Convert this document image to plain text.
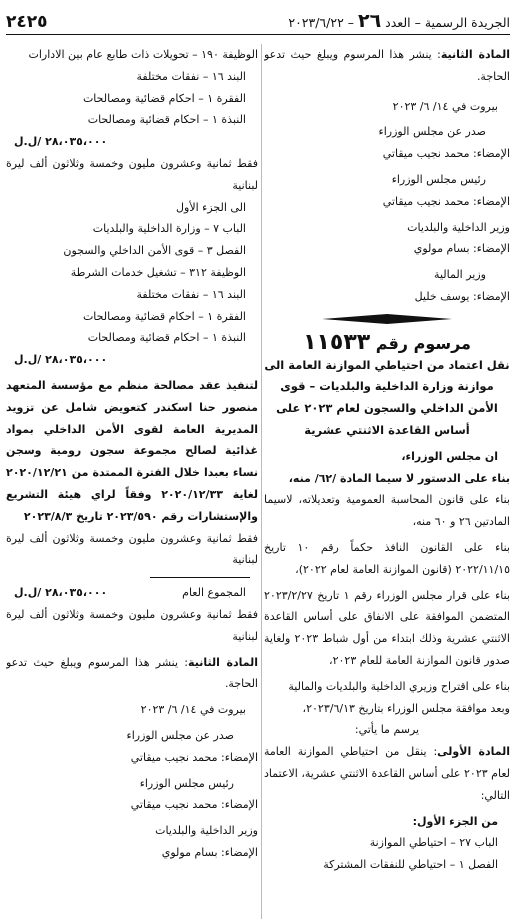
الجريدة الرسمية – العدد ٢٦ – ٢٠٢٣/٦/٢٢
٢٤٢٥

المادة الثانية: ينشر هذا المرسوم ويبلغ حيث تدعو الحاجة.

بيروت في ١٤/ ٦/ ٢٠٢٣

صدر عن مجلس الوزراء

الإمضاء: محمد نجيب ميقاتي

رئيس مجلس الوزراء

الإمضاء: محمد نجيب ميقاتي

وزير الداخلية والبلديات

الإمضاء: بسام مولوي

وزير المالية

الإمضاء: يوسف خليل

مرسوم رقم ١١٥٣٣

نقل اعتماد من احتياطي الموازنة العامة الى موازنة وزارة الداخلية والبلديات – قوى الأمن الداخلي والسجون لعام ٢٠٢٣ على أساس القاعدة الاثنتي عشرية

ان مجلس الوزراء،

بناء على الدستور لا سيما المادة /٦٢/ منه،

بناء على قانون المحاسبة العمومية وتعديلاته، لاسيما المادتين ٢٦ و ٦٠ منه،

بناء على القانون النافذ حكماً رقم ١٠ تاريخ ٢٠٢٢/١١/١٥ (قانون الموازنة العامة لعام ٢٠٢٢)،

بناء على قرار مجلس الوزراء رقم ١ تاريخ ٢٠٢٣/٢/٢٧ المتضمن الموافقة على الانفاق على أساس القاعدة الاثنتي عشرية وذلك ابتداء من أول شباط ٢٠٢٣ ولغاية صدور قانون الموازنة العامة للعام ٢٠٢٣،

بناء على اقتراح وزيري الداخلية والبلديات والمالية

وبعد موافقة مجلس الوزراء بتاريخ ٢٠٢٣/٦/١٣،

يرسم ما يأتي:

المادة الأولى: ينقل من احتياطي الموازنة العامة لعام ٢٠٢٣ على أساس القاعدة الاثنتي عشرية، الاعتماد التالي:

من الجزء الأول:

الباب ٢٧ – احتياطي الموازنة

الفصل ١ – احتياطي للنفقات المشتركة

الوظيفة ١٩٠ – تحويلات ذات طابع عام بين الادارات

البند ١٦ – نفقات مختلفة

الفقرة ١ – احكام قضائية ومصالحات

النبذة ١ – احكام قضائية ومصالحات

٢٨،٠٣٥،٠٠٠ /ل.ل

فقط ثمانية وعشرون مليون وخمسة وثلاثون ألف ليرة لبنانية

الى الجزء الأول

الباب ٧ – وزارة الداخلية والبلديات

الفصل ٣ – قوى الأمن الداخلي والسجون

الوظيفة ٣١٢ – تشغيل خدمات الشرطة

البند ١٦ – نفقات مختلفة

الفقرة ١ – احكام قضائية ومصالحات

النبذة ١ – احكام قضائية ومصالحات

٢٨،٠٣٥،٠٠٠ /ل.ل

لتنفيذ عقد مصالحة منظم مع مؤسسة المتعهد منصور حنا اسكندر كتعويض شامل عن تزويد المديرية العامة لقوى الأمن الداخلي بمواد غذائية لصالح مجموعة سجون رومية وسجن نساء بعبدا خلال الفترة الممتدة من ٢٠٢٠/١٢/٢١ لغاية ٢٠٢٠/١٢/٣٣ وفقاً لراي هيئة التشريع والإستشارات رقم ٢٠٢٣/٥٩٠ تاريخ ٢٠٢٣/٨/٣

فقط ثمانية وعشرون مليون وخمسة وثلاثون ألف ليرة لبنانية

المجموع العام
٢٨،٠٣٥،٠٠٠ /ل.ل

فقط ثمانية وعشرون مليون وخمسة وثلاثون ألف ليرة لبنانية

المادة الثانية: ينشر هذا المرسوم ويبلغ حيث تدعو الحاجة.

بيروت في ١٤/ ٦/ ٢٠٢٣

صدر عن مجلس الوزراء

الإمضاء: محمد نجيب ميقاتي

رئيس مجلس الوزراء

الإمضاء: محمد نجيب ميقاتي

وزير الداخلية والبلديات

الإمضاء: بسام مولوي
